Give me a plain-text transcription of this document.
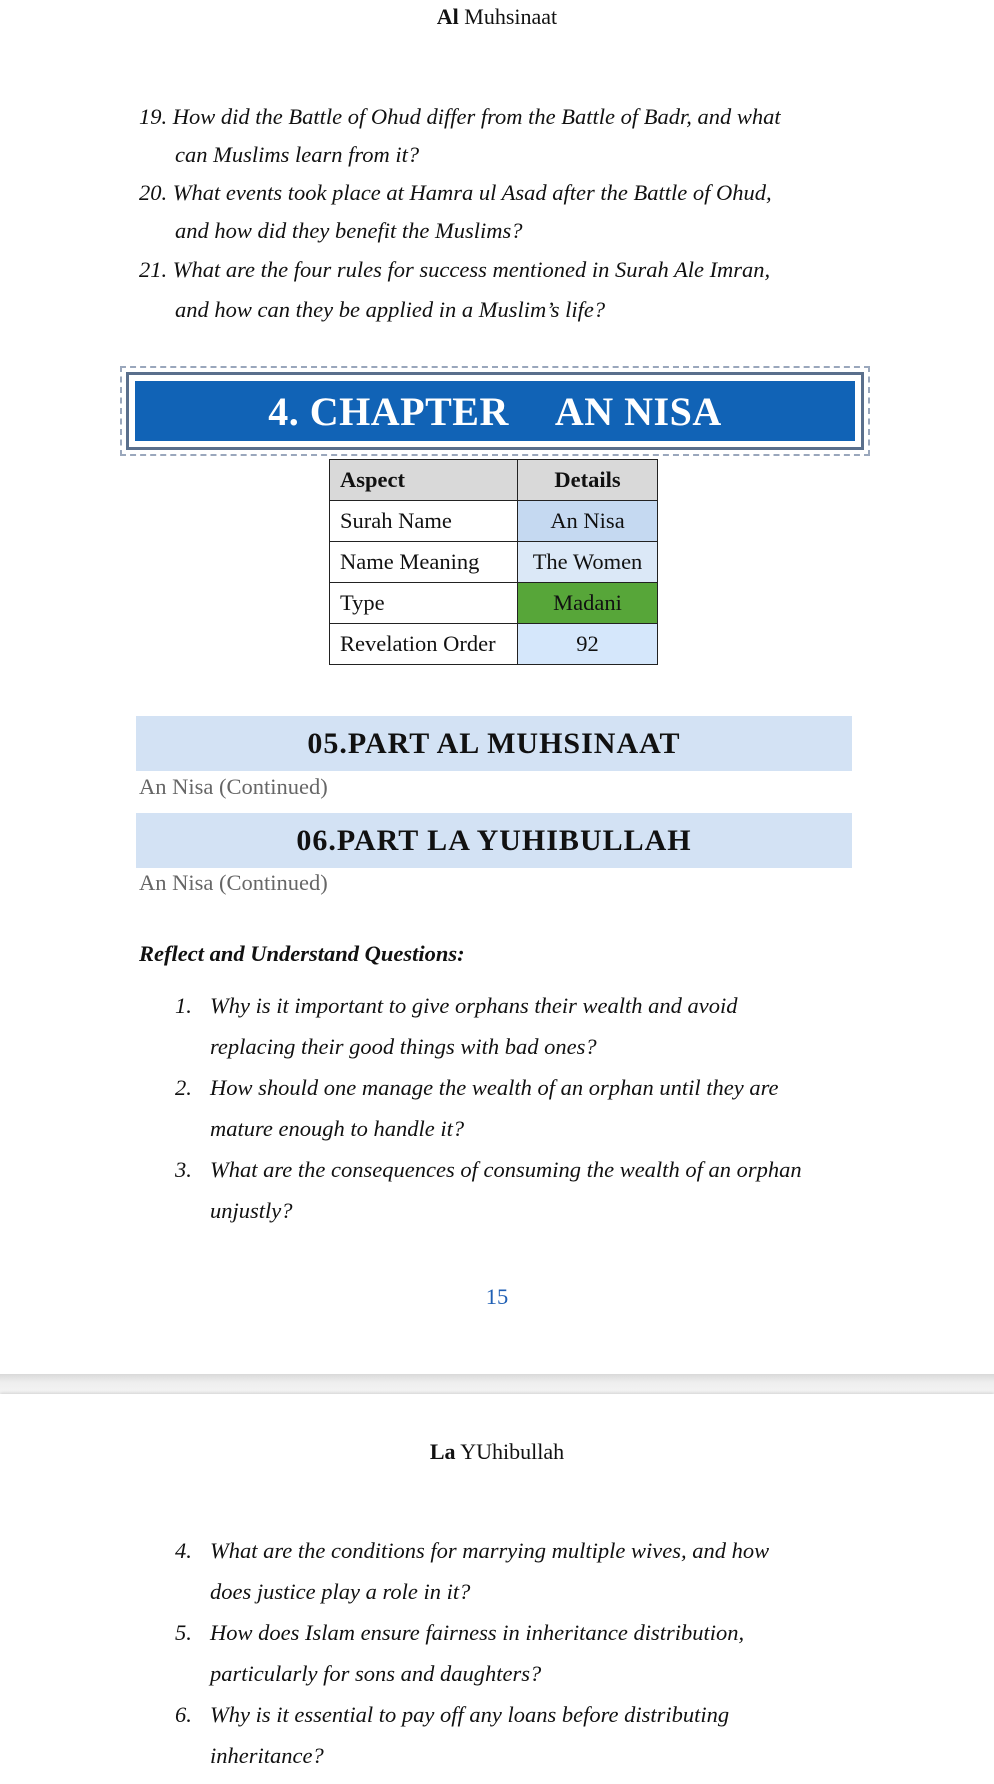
Al Muhsinaat
19. How did the Battle of Ohud differ from the Battle of Badr, and what
can Muslims learn from it?
20. What events took place at Hamra ul Asad after the Battle of Ohud,
and how did they benefit the Muslims?
21. What are the four rules for success mentioned in Surah Ale Imran,
and how can they be applied in a Muslim’s life?
4. CHAPTER AN NISA
Aspect	Details
Surah Name	An Nisa
Name Meaning	The Women
Type	Madani
Revelation Order	92
05.PART AL MUHSINAAT
An Nisa (Continued)
06.PART LA YUHIBULLAH
An Nisa (Continued)
Reflect and Understand Questions:
1. Why is it important to give orphans their wealth and avoid
replacing their good things with bad ones?
2. How should one manage the wealth of an orphan until they are
mature enough to handle it?
3. What are the consequences of consuming the wealth of an orphan
unjustly?
15
La YUhibullah
4. What are the conditions for marrying multiple wives, and how
does justice play a role in it?
5. How does Islam ensure fairness in inheritance distribution,
particularly for sons and daughters?
6. Why is it essential to pay off any loans before distributing
inheritance?
